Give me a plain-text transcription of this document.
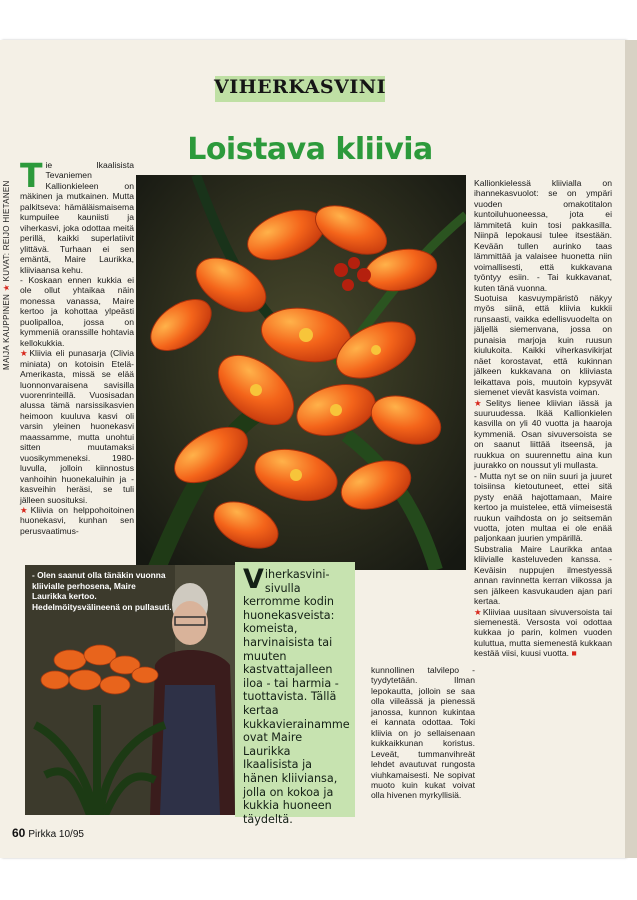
VIHERKASVINI
Loistava kliivia
MAIJA KAUPPINEN ★ KUVAT: REIJO HIETANEN
T ie Ikaalisista Tevaniemen Kallionkieleen on mäkinen ja mutkainen. Mutta palkitseva: hämäläismaisema kumpuilee kauniisti ja viherkasvi, joka odottaa meitä perillä, kaikki superlatiivit ylittävä. Turhaan ei sen emäntä, Maire Laurikka, kliiviaansa kehu.

- Koskaan ennen kukkia ei ole ollut yhtaikaa näin monessa vanassa, Maire kertoo ja kohottaa ylpeästi puolipalloa, jossa on kymmeniä oranssille hohtavia kellokukkia.

★Kliivia eli punasarja (Clivia miniata) on kotoisin Etelä-Amerikasta, missä se elää luonnonvaraisena savisilla vuorenrinteillä. Vuosisadan alussa tämä narsissikasvien heimoon kuuluva kasvi oli varsin yleinen huonekasvi maassamme, mutta unohtui sitten muutamaksi vuosikymmeneksi. 1980-luvulla, jolloin kiinnostus vanhoihin huonekaluihin ja -kasveihin heräsi, se tuli jälleen suosituksi.

★Kliivia on helppohoitoinen huonekasvi, kunhan sen perusvaatimus-

- Olen saanut olla tänäkin vuonna kliivialle perhosena, Maire Laurikka kertoo. Hedelmöitysvälineenä on pullasuti.
Viherkasvini-sivulla kerromme kodin huonekasveista: komeista, harvinaisista tai muuten kastvattajalleen iloa - tai harmia - tuottavista. Tällä kertaa kukkavierainamme ovat Maire Laurikka Ikaalisista ja hänen kliiviansa, jolla on kokoa ja kukkia huoneen täydeltä.

kunnollinen talvilepo - tyydytetään. Ilman lepokautta, jolloin se saa olla viileässä ja pienessä janossa, kunnon kukintaa ei kannata odottaa. Toki kliivia on jo sellaisenaan kukkaikkunan koristus. Leveät, tummanvihreät lehdet avautuvat rungosta viuhkamaisesti. Ne sopivat muoto kuin kukat voivat olla hivenen myrkyllisiä.

Kallionkielessä kliivialla on ihannekasvuolot: se on ympäri vuoden omakotitalon kuntoiluhuoneessa, jota ei lämmitetä kuin tosi pakkasilla. Niinpä lepokausi tulee itsestään. Kevään tullen aurinko taas lämmittää ja valaisee huonetta niin voimallisesti, että kukkavana työntyy esiin. - Tai kukkavanat, kuten tänä vuonna.

Suotuisa kasvuympäristö näkyy myös siinä, että kliivia kukkii runsaasti, vaikka edellisvuodelta on jäljellä siemenvana, jossa on punaisia marjoja kuin ruusun kiulukoita. Kaikki viherkasvikirjat näet korostavat, että kukinnan jälkeen kukkavana on kliiviasta leikattava pois, muutoin kypsyvät siemenet vievät kasvista voiman.

★Selitys lienee kliivian iässä ja suuruudessa. Ikää Kallionkielen kasvilla on yli 40 vuotta ja haaroja kymmeniä. Osan sivuversoista se on saanut liittää itseensä, ja ruukkua on suurennettu aina kun juurakko on noussut yli mullasta.

- Mutta nyt se on niin suuri ja juuret toisiinsa kietoutuneet, ettei sitä pysty enää hajottamaan, Maire kertoo ja muistelee, että viimeisestä ruukun vaihdosta on jo seitsemän vuotta, joten multaa ei ole enää paljonkaan juurien ympärillä.

Substralia Maire Laurikka antaa kliivialle kasteluveden kanssa. - Keväisin nuppujen ilmestyessä annan ravinnetta kerran viikossa ja sen jälkeen kasvukauden ajan pari kertaa.

★Kliiviaa uusitaan sivuversoista tai siemenestä. Versosta voi odottaa kukkaa jo parin, kolmen vuoden kuluttua, mutta siemenestä kukkaan kestää viisi, kuusi vuotta. ■

60 Pirkka 10/95
